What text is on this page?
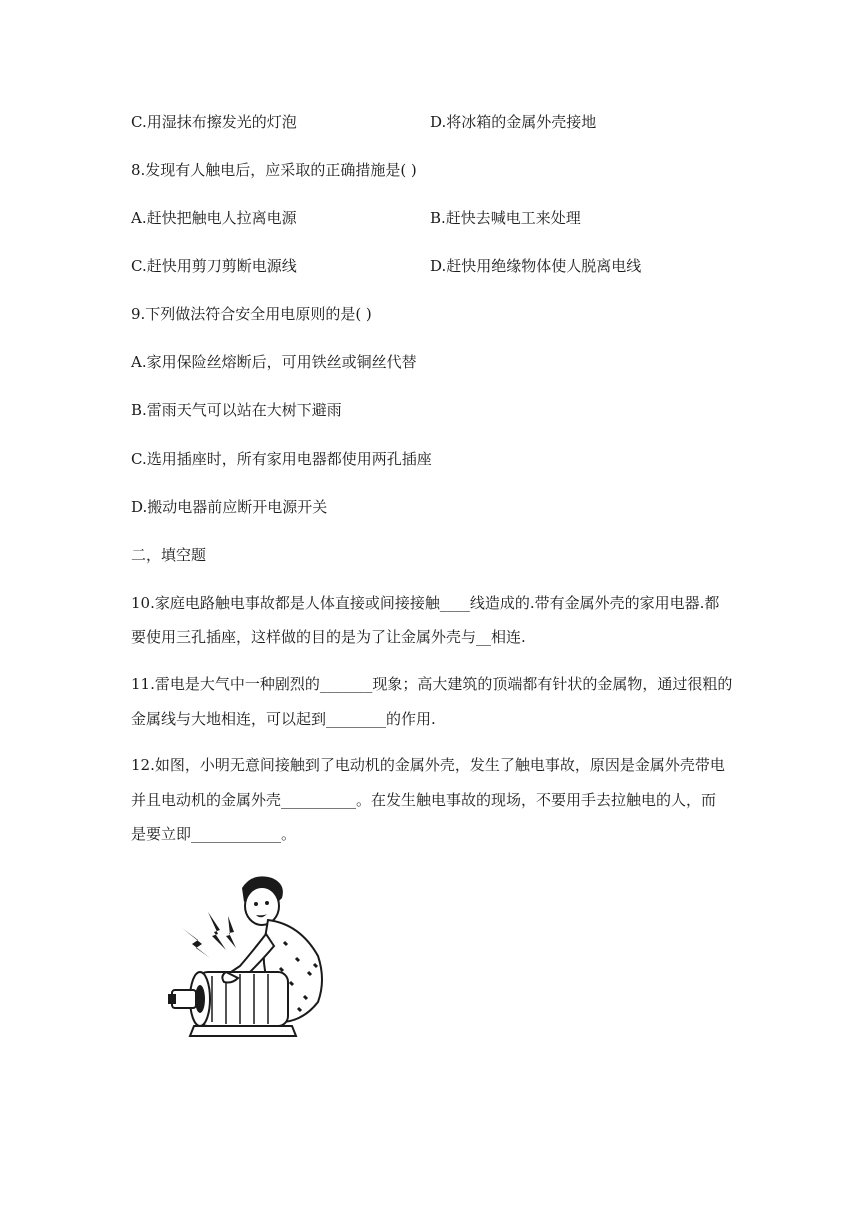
C.用湿抹布擦发光的灯泡	D.将冰箱的金属外壳接地
8.发现有人触电后，应采取的正确措施是( )
A.赶快把触电人拉离电源	B.赶快去喊电工来处理
C.赶快用剪刀剪断电源线	D.赶快用绝缘物体使人脱离电线
9.下列做法符合安全用电原则的是( )
A.家用保险丝熔断后，可用铁丝或铜丝代替
B.雷雨天气可以站在大树下避雨
C.选用插座时，所有家用电器都使用两孔插座
D.搬动电器前应断开电源开关
二，填空题
10.家庭电路触电事故都是人体直接或间接接触____线造成的.带有金属外壳的家用电器.都
要使用三孔插座，这样做的目的是为了让金属外壳与__相连.
11.雷电是大气中一种剧烈的_______现象；高大建筑的顶端都有针状的金属物，通过很粗的
金属线与大地相连，可以起到________的作用.
12.如图，小明无意间接触到了电动机的金属外壳，发生了触电事故，原因是金属外壳带电
并且电动机的金属外壳__________。在发生触电事故的现场，不要用手去拉触电的人，而
是要立即____________。
